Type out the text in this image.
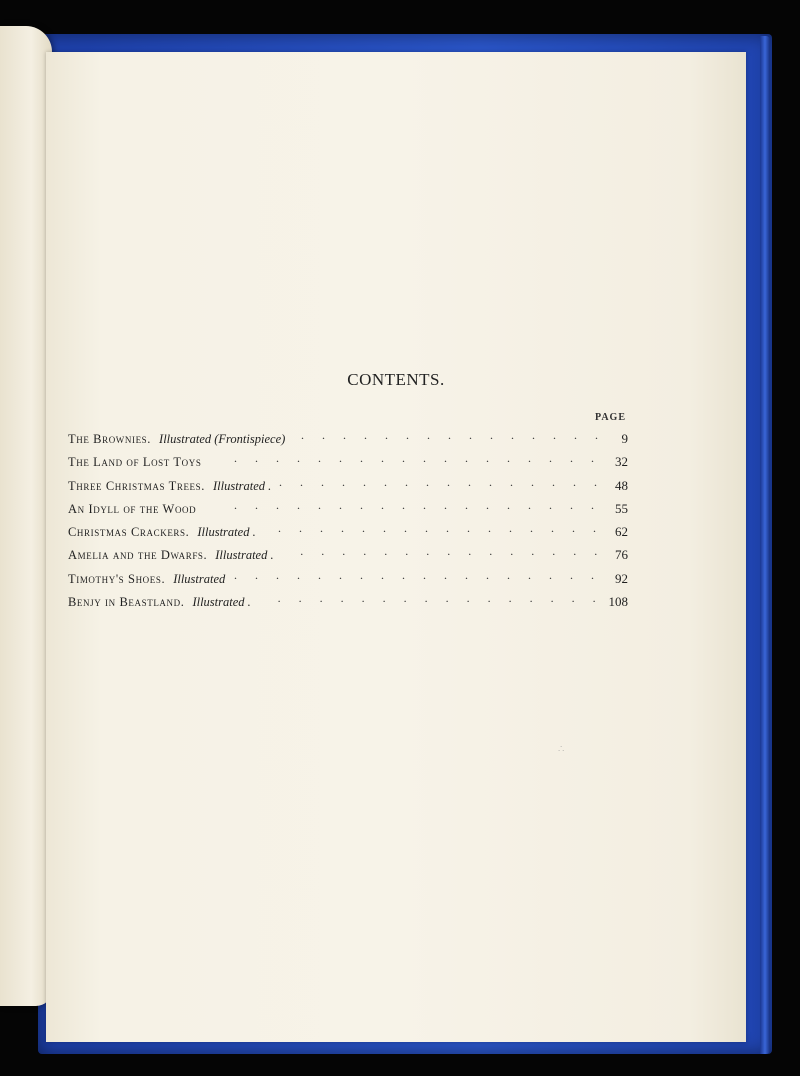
CONTENTS.
PAGE
The Brownies. Illustrated (Frontispiece) .  . 	9
The Land of Lost Toys .  . 	32
Three Christmas Trees. Illustrated . .  . 	48
An Idyll of the Wood .  . 	55
Christmas Crackers. Illustrated . .  . 	62
Amelia and the Dwarfs. Illustrated . .  . 	76
Timothy's Shoes. Illustrated .  . 	92
Benjy in Beastland. Illustrated . .  . 	108
∴
